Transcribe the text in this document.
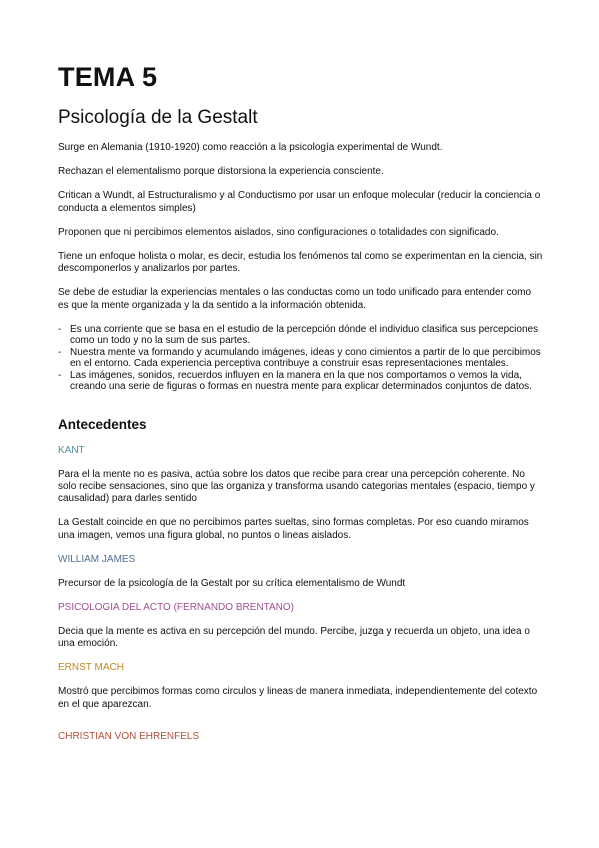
TEMA 5
Psicología de la Gestalt

Surge en Alemania (1910-1920) como reacción a la psicología experimental de Wundt.

Rechazan el elementalismo porque distorsiona la experiencia consciente.

Critican a Wundt, al Estructuralismo y al Conductismo por usar un enfoque molecular (reducir la conciencia o conducta a elementos simples)

Proponen que ni percibimos elementos aislados, sino configuraciones o totalidades con significado.

Tiene un enfoque holista o molar, es decir, estudia los fenómenos tal como se experimentan en la ciencia, sin descomponerlos y analizarlos por partes.

Se debe de estudiar la experiencias mentales o las conductas como un todo unificado para entender como es que la mente organizada y la da sentido a la información obtenida.

- Es una corriente que se basa en el estudio de la percepción dónde el individuo clasifica sus percepciones como un todo y no la sum de sus partes.
- Nuestra mente va formando y acumulando imágenes, ideas y cono cimientos a partir de lo que percibimos en el entorno. Cada experiencia perceptiva contribuye a construir esas representaciones mentales.
- Las imágenes, sonidos, recuerdos influyen en la manera en la que nos comportamos o vemos la vida, creando una serie de figuras o formas en nuestra mente para explicar determinados conjuntos de datos.
Antecedentes
KANT

Para el la mente no es pasiva, actúa sobre los datos que recibe para crear una percepción coherente. No solo recibe sensaciones, sino que las organiza y transforma usando categorias mentales (espacio, tiempo y causalidad) para darles sentido

La Gestalt coincide en que no percibimos partes sueltas, sino formas completas. Por eso cuando miramos una imagen, vemos una figura global, no puntos o lineas aislados.

WILLIAM JAMES

Precursor de la psicología de la Gestalt por su crítica elementalismo de Wundt

PSICOLOGIA DEL ACTO (FERNANDO BRENTANO)

Decia que la mente es activa en su percepción del mundo. Percibe, juzga y recuerda un objeto, una idea o una emoción.

ERNST MACH

Mostró que percibimos formas como circulos y lineas de manera inmediata, independientemente del cotexto en el que aparezcan.

CHRISTIAN VON EHRENFELS
